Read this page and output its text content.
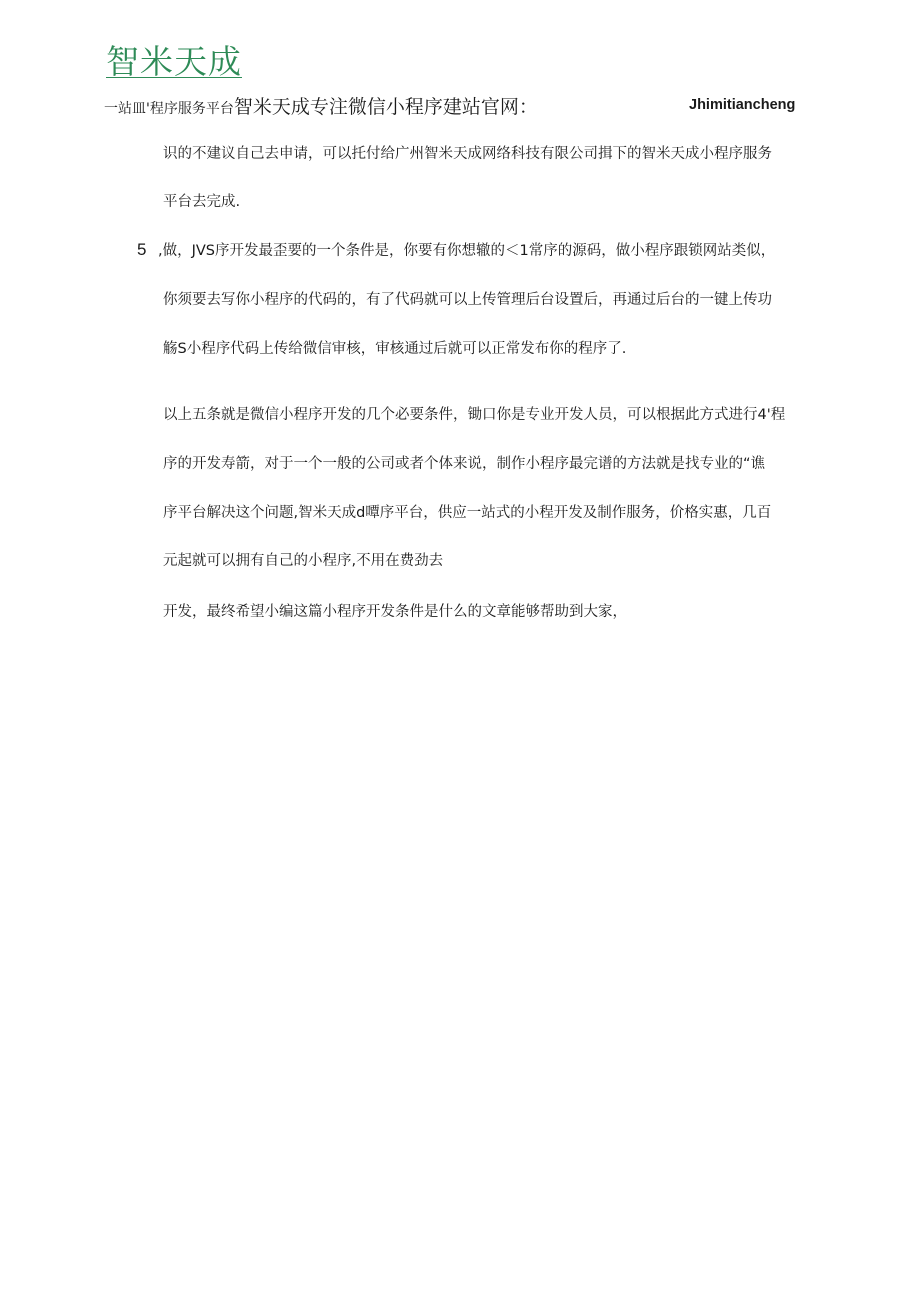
智米天成
一站皿'程序服务平台 智米天成专注微信小程序建站官网：	Jhimitiancheng
识的不建议自己去申请，可以托付给广州智米天成网络科技有限公司揖下的智米天成小程序服务
平台去完成.
5 ,做，JVS序开发最歪要的一个条件是，你要有你想辙的＜1常序的源码，做小程序跟锁网站类似，
你须要去写你小程序的代码的，有了代码就可以上传管理后台设置后，再通过后台的一键上传功
觞S小程序代码上传给微信审核，审核通过后就可以正常发布你的程序了.
以上五条就是微信小程序开发的几个必要条件，锄口你是专业开发人员，可以根据此方式进行4'程
序的开发寿箭，对于一个一般的公司或者个体来说，制作小程序最完谱的方法就是找专业的“谯
序平台解决这个问题,智米天成d嘾序平台，供应一站式的小程开发及制作服务，价格实惠，几百
元起就可以拥有自己的小程序,不用在费劲去
开发，最终希望小编这篇小程序开发条件是什么的文章能够帮助到大家，
